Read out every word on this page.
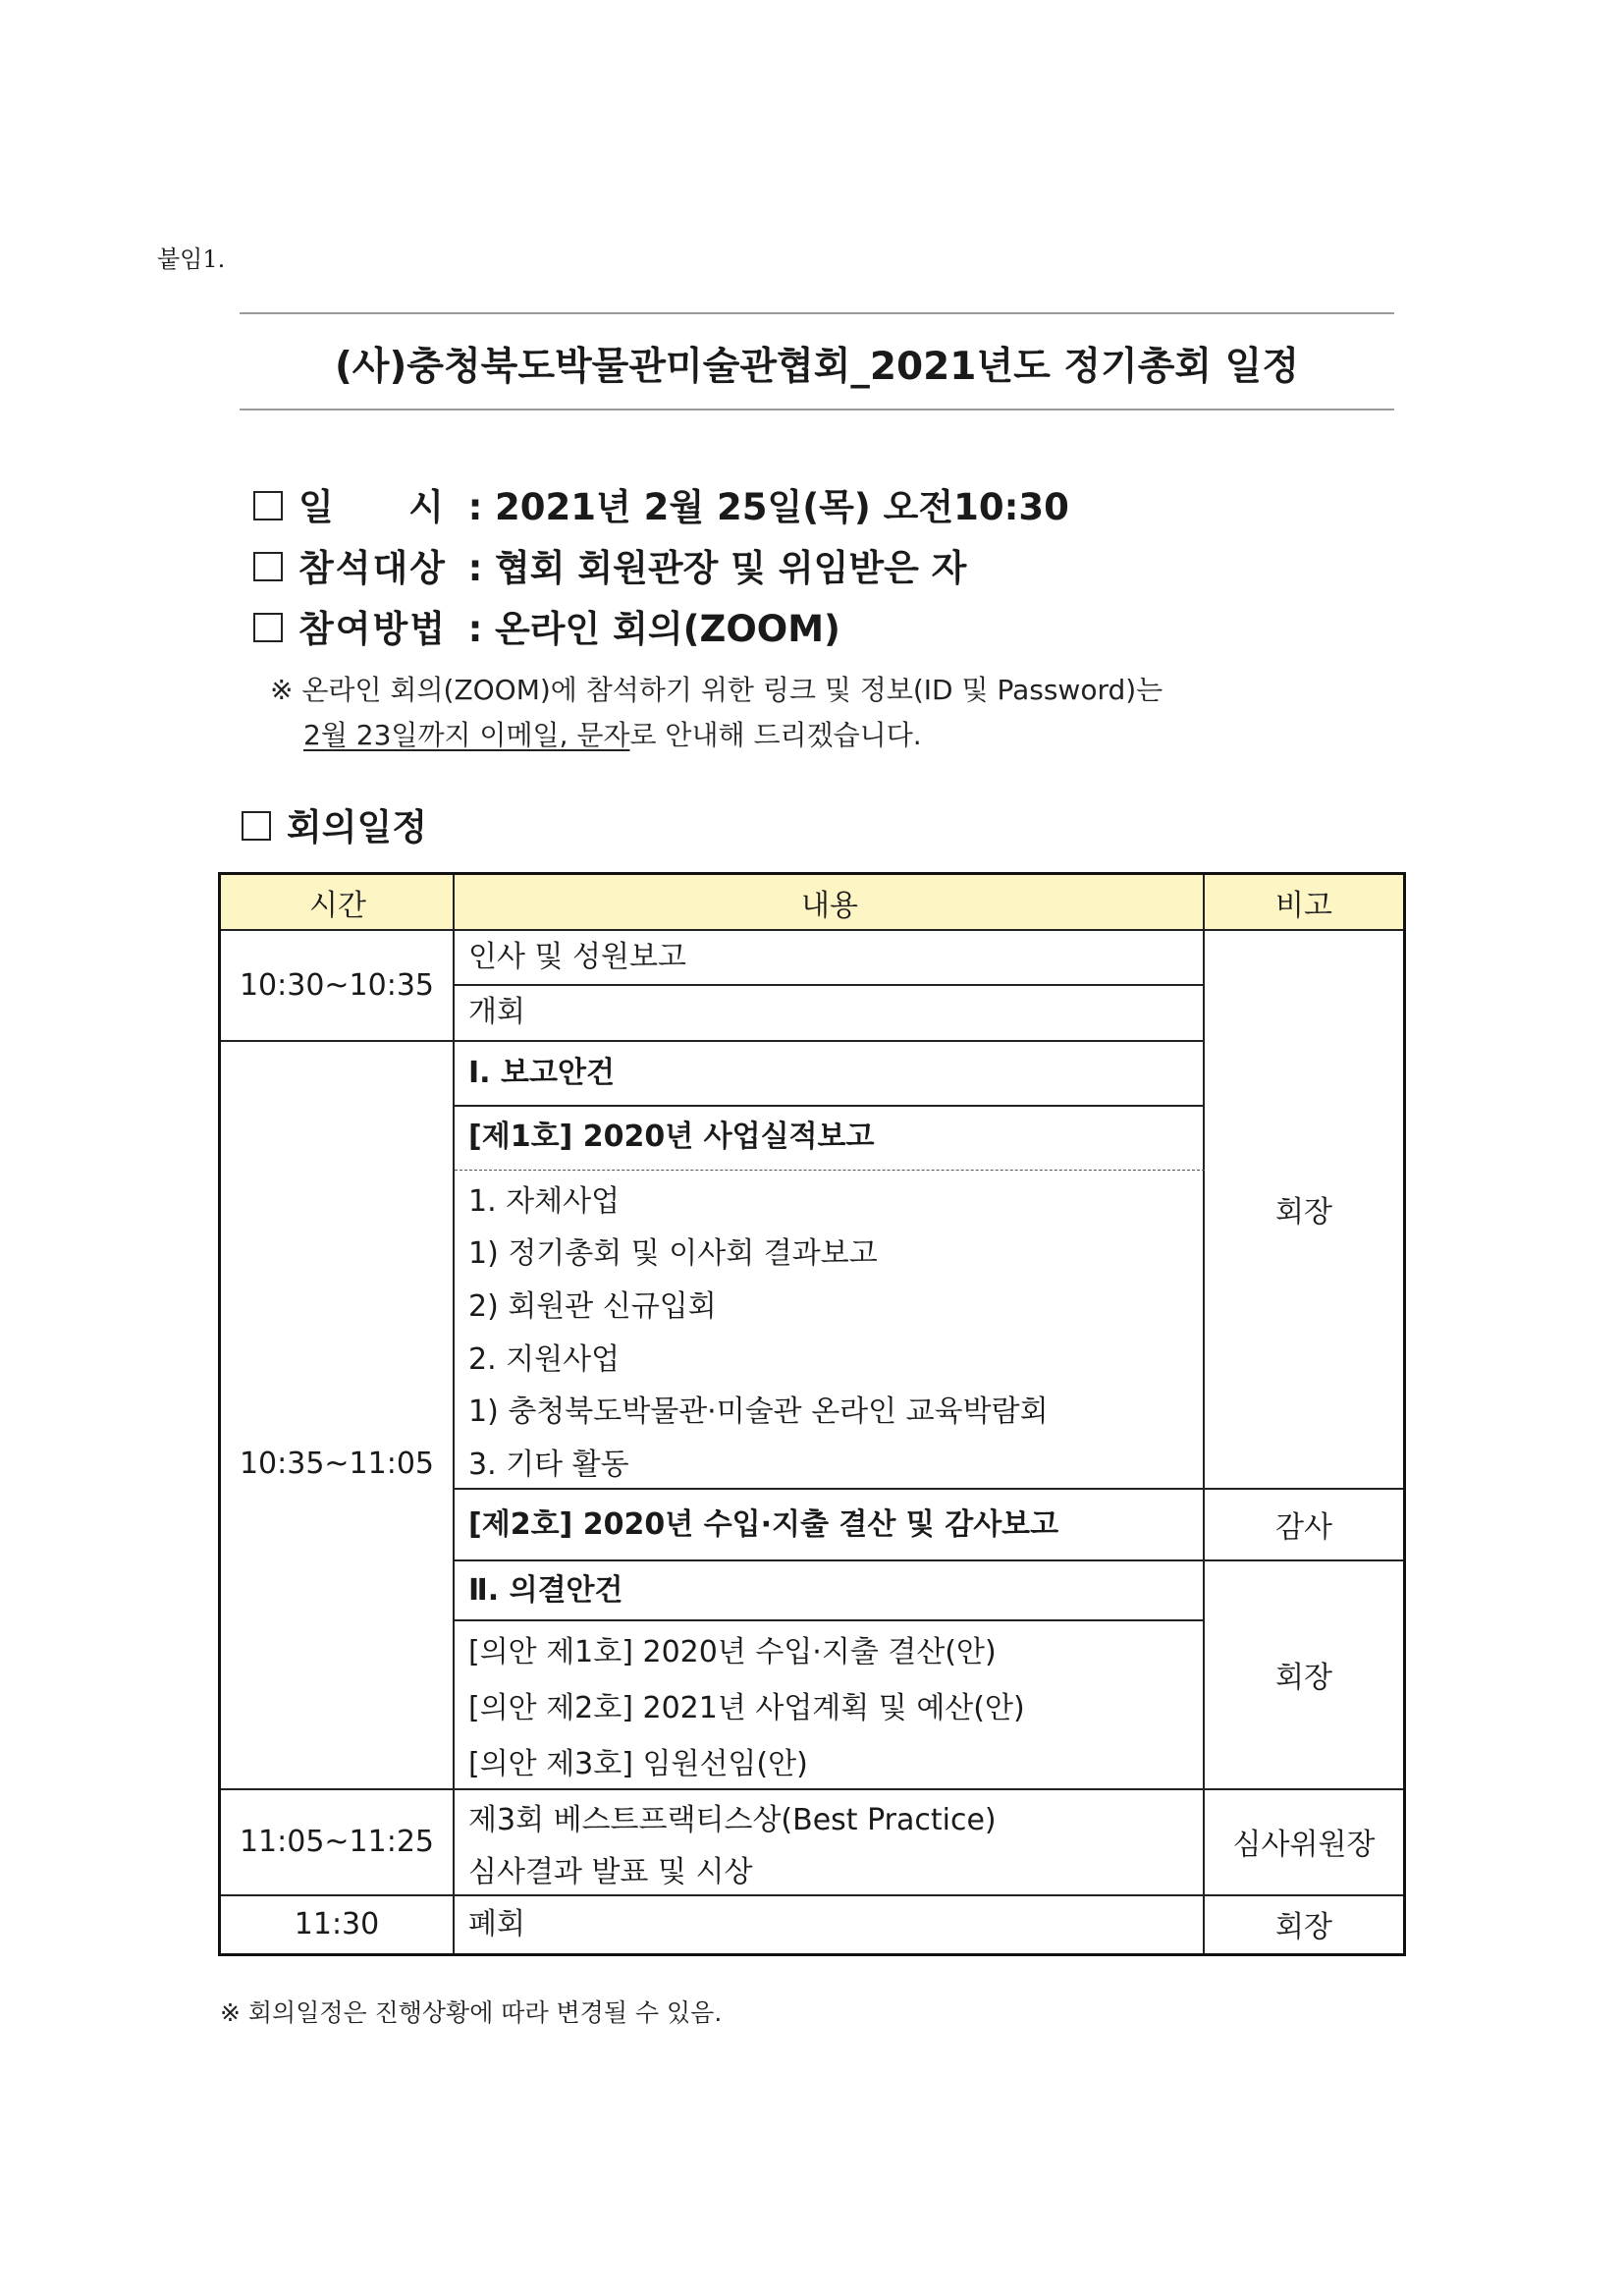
붙임1.
(사)충청북도박물관미술관협회_2021년도 정기총회 일정
일     시 : 2021년 2월 25일(목) 오전10:30
참석대상 : 협회 회원관장 및 위임받은 자
참여방법 : 온라인 회의(ZOOM)
※ 온라인 회의(ZOOM)에 참석하기 위한 링크 및 정보(ID 및 Password)는
2월 23일까지 이메일, 문자로 안내해 드리겠습니다.
회의일정
시간	내용	비고
10:30~10:35
10:35~11:05
11:05~11:25
11:30
인사 및 성원보고
개회
Ⅰ. 보고안건
[제1호] 2020년 사업실적보고
1. 자체사업
1) 정기총회 및 이사회 결과보고
2) 회원관 신규입회
2. 지원사업
1) 충청북도박물관·미술관 온라인 교육박람회
3. 기타 활동
[제2호] 2020년 수입·지출 결산 및 감사보고
Ⅱ. 의결안건
[의안 제1호] 2020년 수입·지출 결산(안)
[의안 제2호] 2021년 사업계획 및 예산(안)
[의안 제3호] 임원선임(안)
제3회 베스트프랙티스상(Best Practice)
심사결과 발표 및 시상
폐회
회장
감사
회장
심사위원장
회장
※ 회의일정은 진행상황에 따라 변경될 수 있음.
